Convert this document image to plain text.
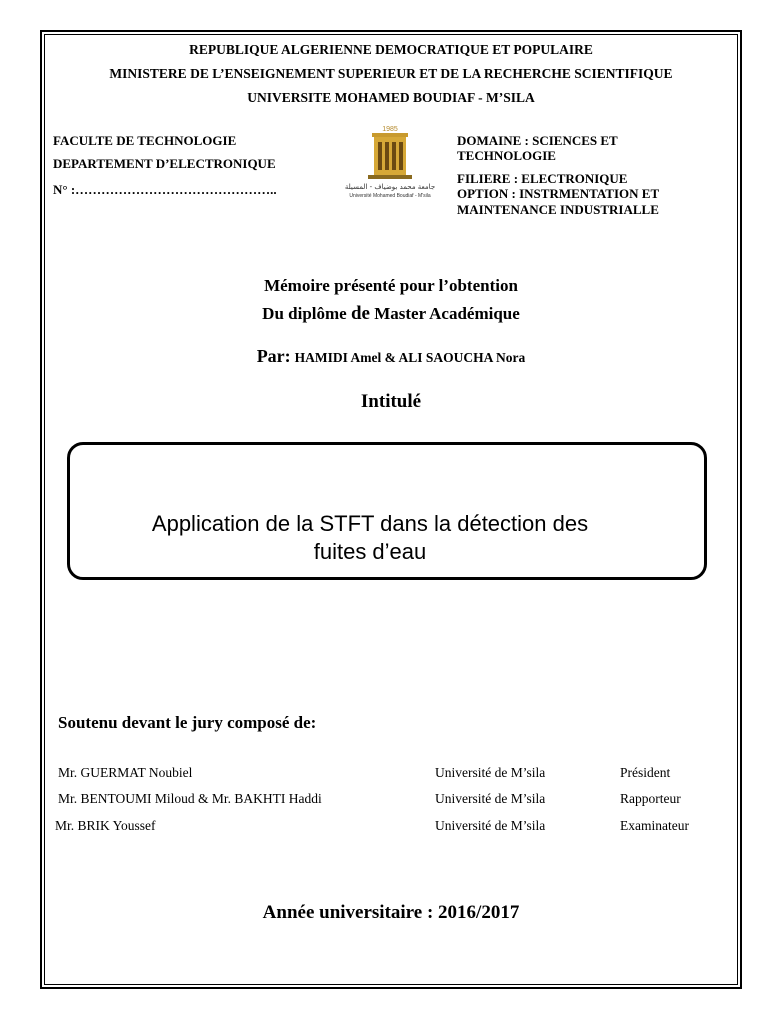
REPUBLIQUE ALGERIENNE DEMOCRATIQUE ET POPULAIRE
MINISTERE DE L’ENSEIGNEMENT SUPERIEUR ET DE LA RECHERCHE SCIENTIFIQUE
UNIVERSITE MOHAMED BOUDIAF - M’SILA
FACULTE DE TECHNOLOGIE
DEPARTEMENT D’ELECTRONIQUE
N° :………………………………………..
1985
جامعة محمد بوضياف - المسيلة
Université Mohamed Boudiaf - M'sila
DOMAINE : SCIENCES ET
TECHNOLOGIE
FILIERE : ELECTRONIQUE
OPTION : INSTRMENTATION ET
MAINTENANCE INDUSTRIALLE
Mémoire présenté pour l’obtention
Du diplôme de Master Académique
Par: HAMIDI Amel & ALI SAOUCHA Nora
Intitulé
Application de la STFT dans la détection des
fuites d’eau
Soutenu devant le jury composé de:
Mr. GUERMAT Noubiel	Université de M’sila	Président
Mr. BENTOUMI Miloud & Mr. BAKHTI Haddi	Université de M’sila	Rapporteur
Mr. BRIK Youssef	Université de M’sila	Examinateur
Année universitaire : 2016/2017
